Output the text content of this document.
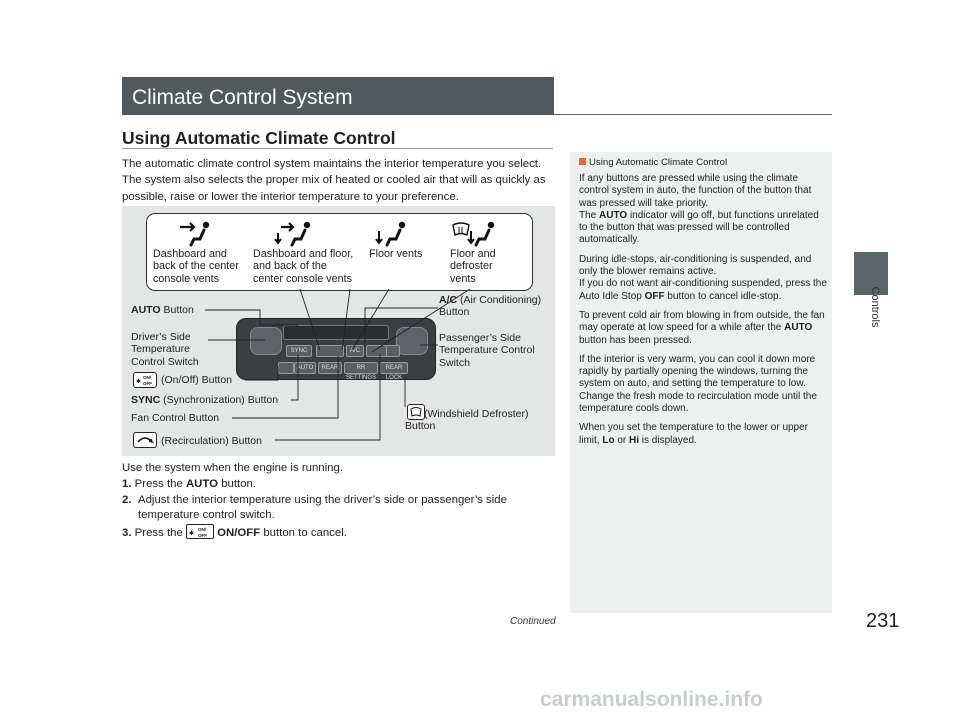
Climate Control System
Controls
Using Automatic Climate Control
The automatic climate control system maintains the interior temperature you select. The system also selects the proper mix of heated or cooled air that will as quickly as possible, raise or lower the interior temperature to your preference.
Dashboard and
back of the center
console vents
Dashboard and floor,
and back of the
center console vents
Floor vents	Floor and
defroster
vents
AUTO
SYNC	A/C
REAR	RR SETTINGS
REAR LOCK
AUTO Button
Driver’s Side
Temperature
Control Switch
A/C (Air Conditioning)
Button
Passenger’s Side
Temperature Control
Switch
✱
ON/
OFF (On/Off) Button
SYNC (Synchronization) Button
Fan Control Button	(Windshield Defroster)
Button
(Recirculation) Button
Use the system when the engine is running.
1. Press the AUTO button.
2. Adjust the interior temperature using the driver’s side or passenger’s side temperature control switch.
3. Press the ✱
ON/
OFF ON/OFF button to cancel.
Using Automatic Climate Control

If any buttons are pressed while using the climate control system in auto, the function of the button that was pressed will take priority.
The AUTO indicator will go off, but functions unrelated to the button that was pressed will be controlled automatically.

During idle-stops, air-conditioning is suspended, and only the blower remains active.
If you do not want air-conditioning suspended, press the Auto Idle Stop OFF button to cancel idle-stop.

To prevent cold air from blowing in from outside, the fan may operate at low speed for a while after the AUTO button has been pressed.

If the interior is very warm, you can cool it down more rapidly by partially opening the windows, turning the system on auto, and setting the temperature to low. Change the fresh mode to recirculation mode until the temperature cools down.

When you set the temperature to the lower or upper limit, Lo or Hi is displayed.

Continued	231
carmanualsonline.info
